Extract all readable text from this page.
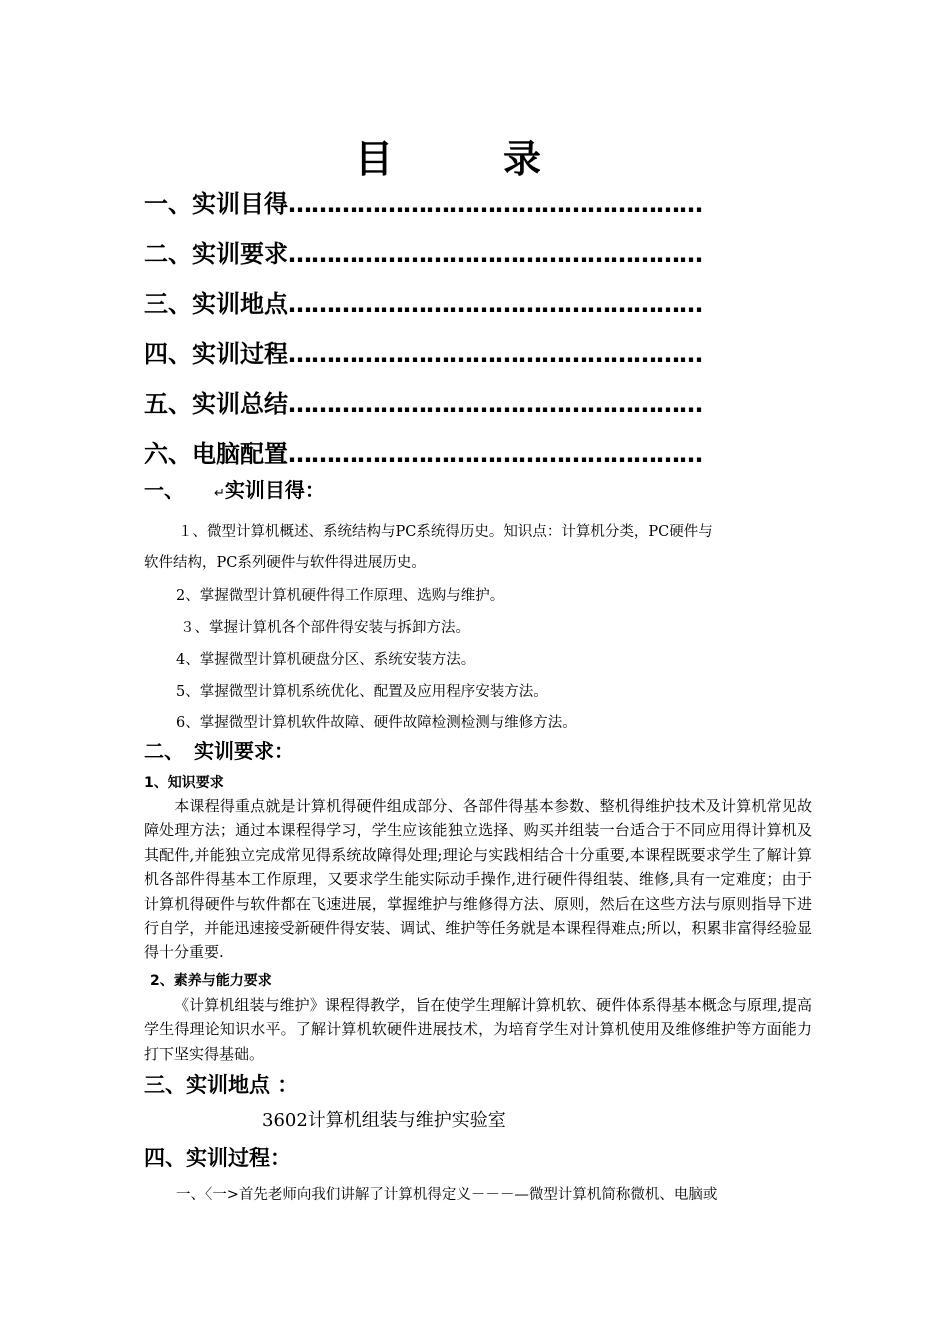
目	录
一、实训目得………………………………………………
二、实训要求………………………………………………
三、实训地点………………………………………………
四、实训过程………………………………………………
五、实训总结………………………………………………
六、电脑配置………………………………………………
一、 ↵实训目得：
１、微型计算机概述、系统结构与PC系统得历史。知识点：计算机分类，PC硬件与
软件结构，PC系列硬件与软件得进展历史。
2、掌握微型计算机硬件得工作原理、选购与维护。
３、掌握计算机各个部件得安装与拆卸方法。
4、掌握微型计算机硬盘分区、系统安装方法。
5、掌握微型计算机系统优化、配置及应用程序安装方法。
6、掌握微型计算机软件故障、硬件故障检测检测与维修方法。
二、　实训要求：
1、知识要求
本课程得重点就是计算机得硬件组成部分、各部件得基本参数、整机得维护技术及计算机常见故障处理方法；通过本课程得学习，学生应该能独立选择、购买并组装一台适合于不同应用得计算机及其配件,并能独立完成常见得系统故障得处理;理论与实践相结合十分重要,本课程既要求学生了解计算机各部件得基本工作原理，又要求学生能实际动手操作,进行硬件得组装、维修,具有一定难度；由于计算机得硬件与软件都在飞速进展，掌握维护与维修得方法、原则，然后在这些方法与原则指导下进行自学，并能迅速接受新硬件得安装、调试、维护等任务就是本课程得难点;所以，积累非富得经验显得十分重要.
2、素养与能力要求
《计算机组装与维护》课程得教学，旨在使学生理解计算机软、硬件体系得基本概念与原理,提高学生得理论知识水平。了解计算机软硬件进展技术，为培育学生对计算机使用及维修维护等方面能力打下坚实得基础。
三、实训地点 ：
3602计算机组装与维护实验室
四、实训过程：
一、〈一>首先老师向我们讲解了计算机得定义－－－—微型计算机简称微机、电脑或
